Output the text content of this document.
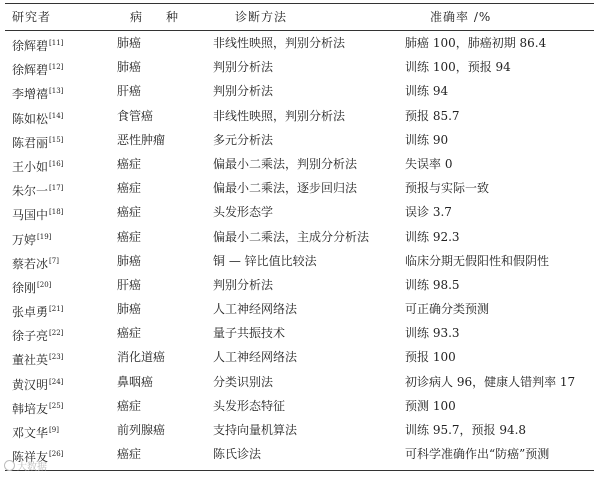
研究者	病　种	诊断方法	准确率 /%
徐辉碧[11]	肺癌	非线性映照，判别分析法	肺癌 100，肺癌初期 86.4
徐辉碧[12]	肺癌	判别分析法	训练 100，预报 94
李增禧[13]	肝癌	判别分析法	训练 94
陈如松[14]	食管癌	非线性映照，判别分析法	预报 85.7
陈君丽[15]	恶性肿瘤	多元分析法	训练 90
王小如[16]	癌症	偏最小二乘法，判别分析法	失误率 0
朱尔一[17]	癌症	偏最小二乘法，逐步回归法	预报与实际一致
马国中[18]	癌症	头发形态学	误诊 3.7
万婷[19]	癌症	偏最小二乘法，主成分分析法	训练 92.3
蔡若冰[7]	肺癌	铜 — 锌比值比较法	临床分期无假阳性和假阴性
徐刚[20]	肝癌	判别分析法	训练 98.5
张卓勇[21]	肺癌	人工神经网络法	可正确分类预测
徐子亮[22]	癌症	量子共振技术	训练 93.3
董社英[23]	消化道癌	人工神经网络法	预报 100
黄汉明[24]	鼻咽癌	分类识别法	初诊病人 96，健康人错判率 17
韩培友[25]	癌症	头发形态特征	预测 100
邓文华[9]	前列腺癌	支持向量机算法	训练 95.7，预报 94.8
陈祥友[26]	癌症	陈氏诊法	可科学准确作出“防癌”预测
大数据
